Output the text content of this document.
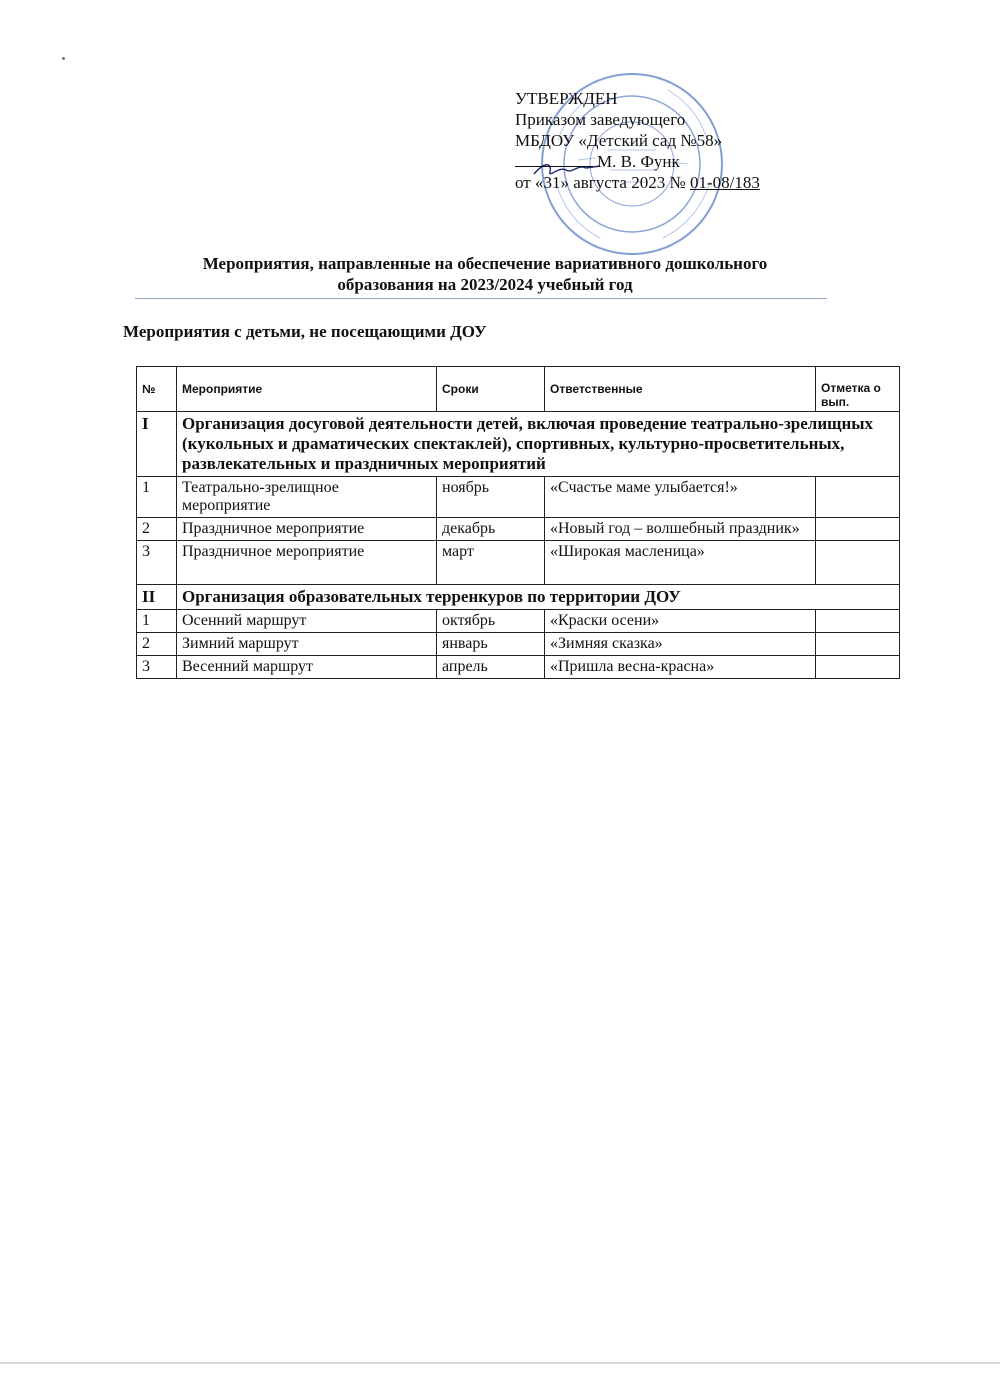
УТВЕРЖДЕН
Приказом заведующего
МБДОУ «Детский сад №58»
М. В. Функ
от «31» августа 2023 № 01-08/183
Мероприятия, направленные на обеспечение вариативного дошкольного
образования на 2023/2024 учебный год
Мероприятия с детьми, не посещающими ДОУ
№	Мероприятие	Сроки	Ответственные	Отметка о вып.
I	Организация досуговой деятельности детей, включая проведение театрально-зрелищных (кукольных и драматических спектаклей), спортивных, культурно-просветительных, развлекательных и праздничных мероприятий			
1	Театрально-зрелищное мероприятие	ноябрь	«Счастье маме улыбается!»	
2	Праздничное мероприятие	декабрь	«Новый год – волшебный праздник»	
3	Праздничное мероприятие	март	«Широкая масленица»	
II	Организация образовательных терренкуров по территории ДОУ			
1	Осенний маршрут	октябрь	«Краски осени»	
2	Зимний маршрут	январь	«Зимняя сказка»	
3	Весенний маршрут	апрель	«Пришла весна-красна»	
